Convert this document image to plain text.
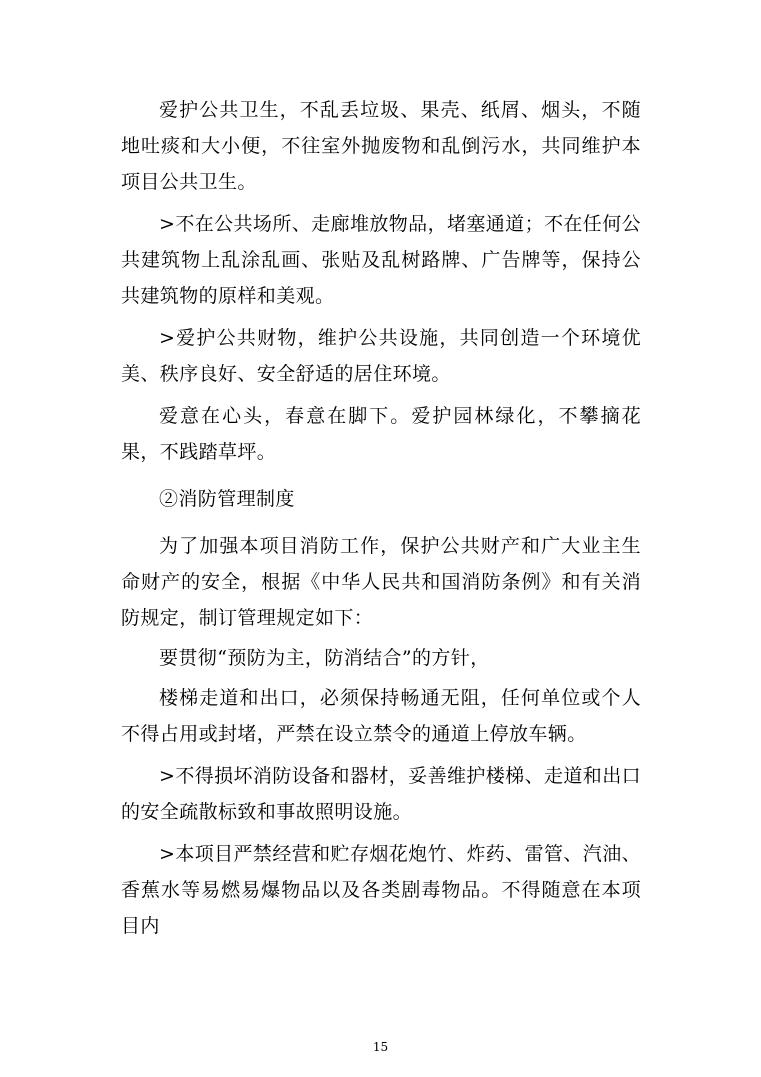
爱护公共卫生，不乱丢垃圾、果壳、纸屑、烟头，不随地吐痰和大小便，不往室外抛废物和乱倒污水，共同维护本项目公共卫生。

>不在公共场所、走廊堆放物品，堵塞通道；不在任何公共建筑物上乱涂乱画、张贴及乱树路牌、广告牌等，保持公共建筑物的原样和美观。

>爱护公共财物，维护公共设施，共同创造一个环境优美、秩序良好、安全舒适的居住环境。

爱意在心头，春意在脚下。爱护园林绿化，不攀摘花果，不践踏草坪。

②消防管理制度

为了加强本项目消防工作，保护公共财产和广大业主生命财产的安全，根据《中华人民共和国消防条例》和有关消防规定，制订管理规定如下：

要贯彻“预防为主，防消结合”的方针，

楼梯走道和出口，必须保持畅通无阻，任何单位或个人不得占用或封堵，严禁在设立禁令的通道上停放车辆。

>不得损坏消防设备和器材，妥善维护楼梯、走道和出口的安全疏散标致和事故照明设施。

>本项目严禁经营和贮存烟花炮竹、炸药、雷管、汽油、香蕉水等易燃易爆物品以及各类剧毒物品。不得随意在本项目内

15
